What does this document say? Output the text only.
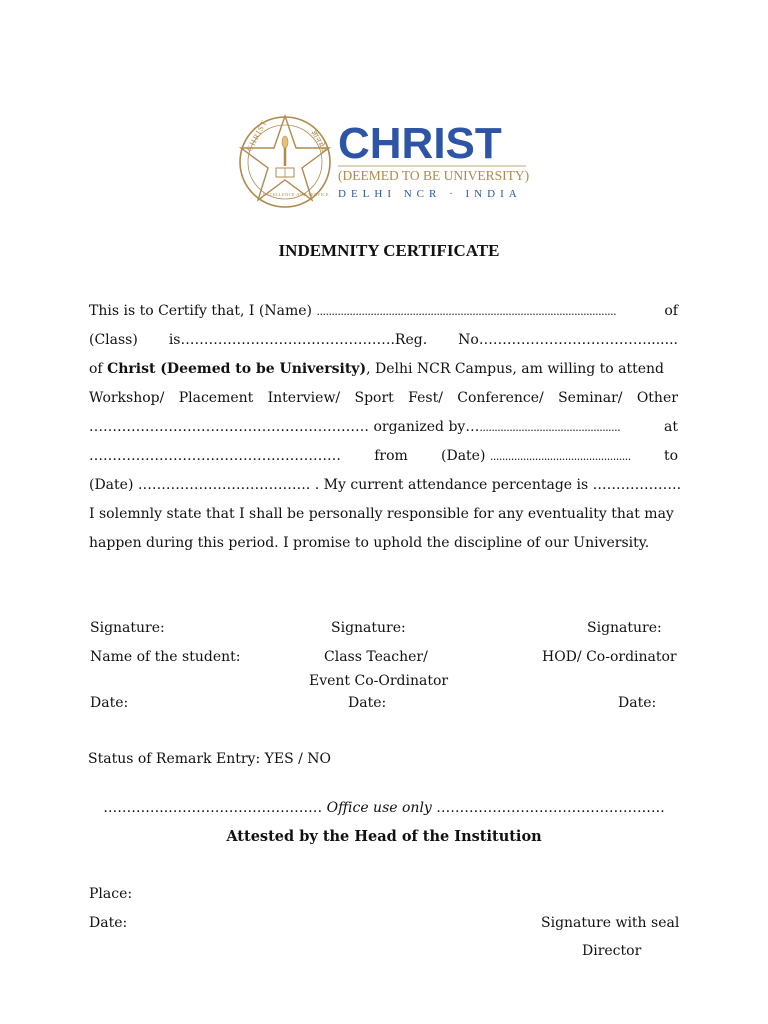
CHRIST	ज्ञानमेव
EXCELLENCE AND SERVICE
CHRIST
(DEEMED TO BE UNIVERSITY)
DELHI NCR · INDIA
INDEMNITY CERTIFICATE
This is to Certify that, I (Name) ....................................................................................................	of
(Class) is……………………………………….Reg. No……………………………….......
of Christ (Deemed to be University), Delhi NCR Campus, am willing to attend
Workshop/ Placement Interview/ Sport Fest/ Conference/ Seminar/ Other
…………………………………………………… organized by…...............................................	at
……………………………………………… from (Date) ............................................... to
(Date) ………………………………. . My current attendance percentage is ……………….
I solemnly state that I shall be personally responsible for any eventuality that may
happen during this period. I promise to uphold the discipline of our University.
Signature:	Signature:	Signature:
Name of the student:	Class Teacher/	HOD/ Co-ordinator
Event Co-Ordinator
Date:	Date:	Date:
Status of Remark Entry: YES / NO
…………..…………………………… Office use only ………………………………………….
Attested by the Head of the Institution
Place:
Date:	Signature with seal
Director
